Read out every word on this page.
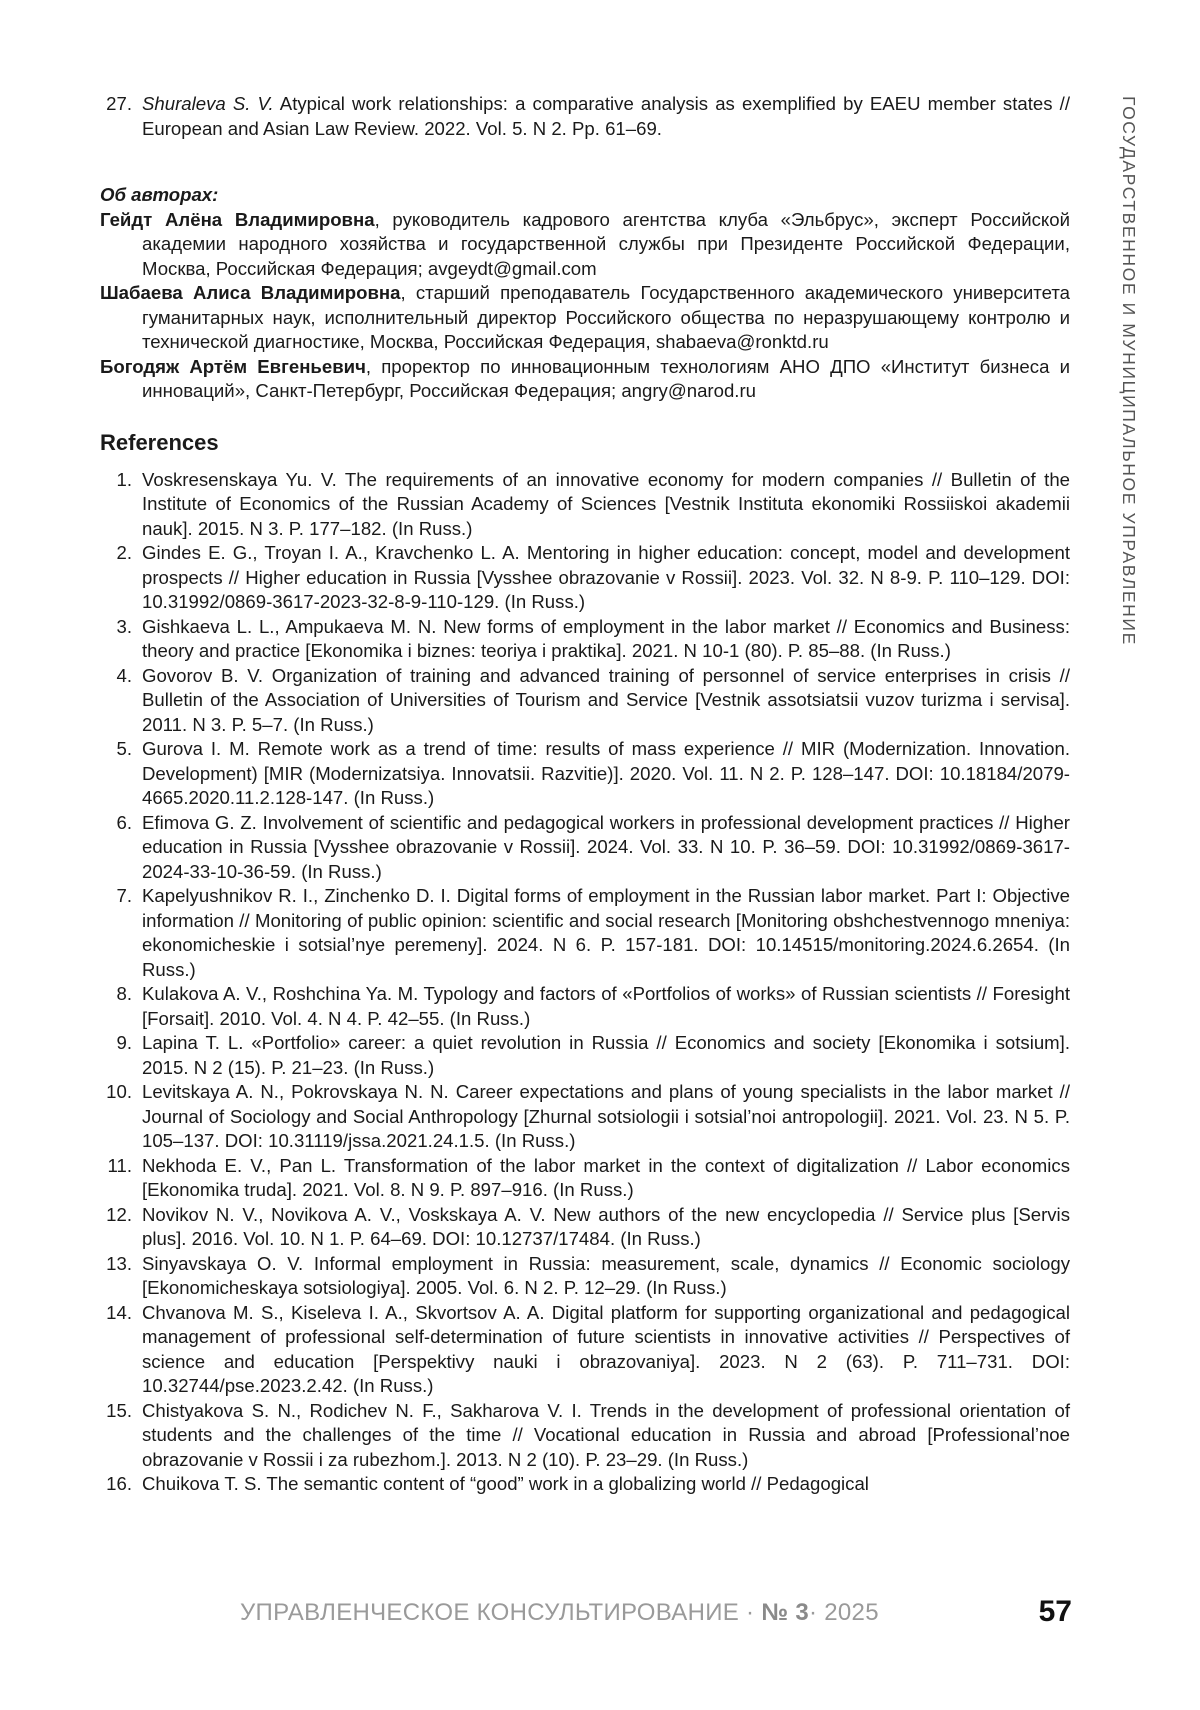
27. Shuraleva S. V. Atypical work relationships: a comparative analysis as exemplified by EAEU member states // European and Asian Law Review. 2022. Vol. 5. N 2. Pp. 61–69.
Об авторах:
Гейдт Алёна Владимировна, руководитель кадрового агентства клуба «Эльбрус», эксперт Российской академии народного хозяйства и государственной службы при Президенте Российской Федерации, Москва, Российская Федерация; avgeydt@gmail.com
Шабаева Алиса Владимировна, старший преподаватель Государственного академического университета гуманитарных наук, исполнительный директор Российского общества по неразрушающему контролю и технической диагностике, Москва, Российская Федерация, shabaeva@ronktd.ru
Богодяж Артём Евгеньевич, проректор по инновационным технологиям АНО ДПО «Институт бизнеса и инноваций», Санкт-Петербург, Российская Федерация; angry@narod.ru
References
1. Voskresenskaya Yu. V. The requirements of an innovative economy for modern companies // Bulletin of the Institute of Economics of the Russian Academy of Sciences [Vestnik Instituta ekonomiki Rossiiskoi akademii nauk]. 2015. N 3. P. 177–182. (In Russ.)
2. Gindes E. G., Troyan I. A., Kravchenko L. A. Mentoring in higher education: concept, model and development prospects // Higher education in Russia [Vysshee obrazovanie v Rossii]. 2023. Vol. 32. N 8-9. P. 110–129. DOI: 10.31992/0869-3617-2023-32-8-9-110-129. (In Russ.)
3. Gishkaeva L. L., Ampukaeva M. N. New forms of employment in the labor market // Economics and Business: theory and practice [Ekonomika i biznes: teoriya i praktika]. 2021. N 10-1 (80). P. 85–88. (In Russ.)
4. Govorov B. V. Organization of training and advanced training of personnel of service enterprises in crisis // Bulletin of the Association of Universities of Tourism and Service [Vestnik assotsiatsii vuzov turizma i servisa]. 2011. N 3. P. 5–7. (In Russ.)
5. Gurova I. M. Remote work as a trend of time: results of mass experience // MIR (Modernization. Innovation. Development) [MIR (Modernizatsiya. Innovatsii. Razvitie)]. 2020. Vol. 11. N 2. P. 128–147. DOI: 10.18184/2079-4665.2020.11.2.128-147. (In Russ.)
6. Efimova G. Z. Involvement of scientific and pedagogical workers in professional development practices // Higher education in Russia [Vysshee obrazovanie v Rossii]. 2024. Vol. 33. N 10. P. 36–59. DOI: 10.31992/0869-3617-2024-33-10-36-59. (In Russ.)
7. Kapelyushnikov R. I., Zinchenko D. I. Digital forms of employment in the Russian labor market. Part I: Objective information // Monitoring of public opinion: scientific and social research [Monitoring obshchestvennogo mneniya: ekonomicheskie i sotsial’nye peremeny]. 2024. N 6. P. 157-181. DOI: 10.14515/monitoring.2024.6.2654. (In Russ.)
8. Kulakova A. V., Roshchina Ya. M. Typology and factors of «Portfolios of works» of Russian scientists // Foresight [Forsait]. 2010. Vol. 4. N 4. P. 42–55. (In Russ.)
9. Lapina T. L. «Portfolio» career: a quiet revolution in Russia // Economics and society [Ekonomika i sotsium]. 2015. N 2 (15). P. 21–23. (In Russ.)
10. Levitskaya A. N., Pokrovskaya N. N. Career expectations and plans of young specialists in the labor market // Journal of Sociology and Social Anthropology [Zhurnal sotsiologii i sotsial’noi antropologii]. 2021. Vol. 23. N 5. P. 105–137. DOI: 10.31119/jssa.2021.24.1.5. (In Russ.)
11. Nekhoda E. V., Pan L. Transformation of the labor market in the context of digitalization // Labor economics [Ekonomika truda]. 2021. Vol. 8. N 9. P. 897–916. (In Russ.)
12. Novikov N. V., Novikova A. V., Voskskaya A. V. New authors of the new encyclopedia // Service plus [Servis plus]. 2016. Vol. 10. N 1. P. 64–69. DOI: 10.12737/17484. (In Russ.)
13. Sinyavskaya O. V. Informal employment in Russia: measurement, scale, dynamics // Economic sociology [Ekonomicheskaya sotsiologiya]. 2005. Vol. 6. N 2. P. 12–29. (In Russ.)
14. Chvanova M. S., Kiseleva I. A., Skvortsov A. A. Digital platform for supporting organizational and pedagogical management of professional self-determination of future scientists in innovative activities // Perspectives of science and education [Perspektivy nauki i obrazovaniya]. 2023. N 2 (63). P. 711–731. DOI: 10.32744/pse.2023.2.42. (In Russ.)
15. Chistyakova S. N., Rodichev N. F., Sakharova V. I. Trends in the development of professional orientation of students and the challenges of the time // Vocational education in Russia and abroad [Professional’noe obrazovanie v Rossii i za rubezhom.]. 2013. N 2 (10). P. 23–29. (In Russ.)
16. Chuikova T. S. The semantic content of “good” work in a globalizing world // Pedagogical
ГОСУДАРСТВЕННОЕ И МУНИЦИПАЛЬНОЕ УПРАВЛЕНИЕ
УПРАВЛЕНЧЕСКОЕ КОНСУЛЬТИРОВАНИЕ · № 3· 2025	57
